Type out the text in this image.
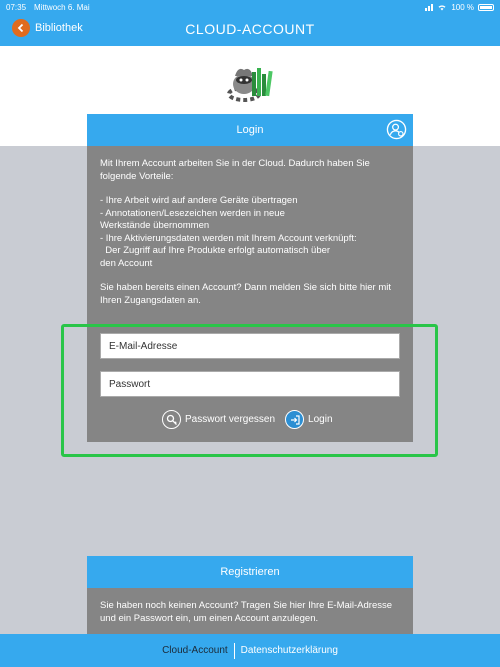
07:35 Mittwoch 6. Mai	100 %
Bibliothek	CLOUD-ACCOUNT
Login

Mit Ihrem Account arbeiten Sie in der Cloud. Dadurch haben Sie folgende Vorteile:

- Ihre Arbeit wird auf andere Geräte übertragen
- Annotationen/Lesezeichen werden in neue
Werkstände übernommen
- Ihre Aktivierungsdaten werden mit Ihrem Account verknüpft:
Der Zugriff auf Ihre Produkte erfolgt automatisch über
den Account

Sie haben bereits einen Account? Dann melden Sie sich bitte hier mit Ihren Zugangsdaten an.

E-Mail-Adresse
Passwort vergessen	Login
Registrieren
Sie haben noch keinen Account? Tragen Sie hier Ihre E-Mail-Adresse und ein Passwort ein, um einen Account anzulegen.
Cloud-Account	Datenschutzerklärung
